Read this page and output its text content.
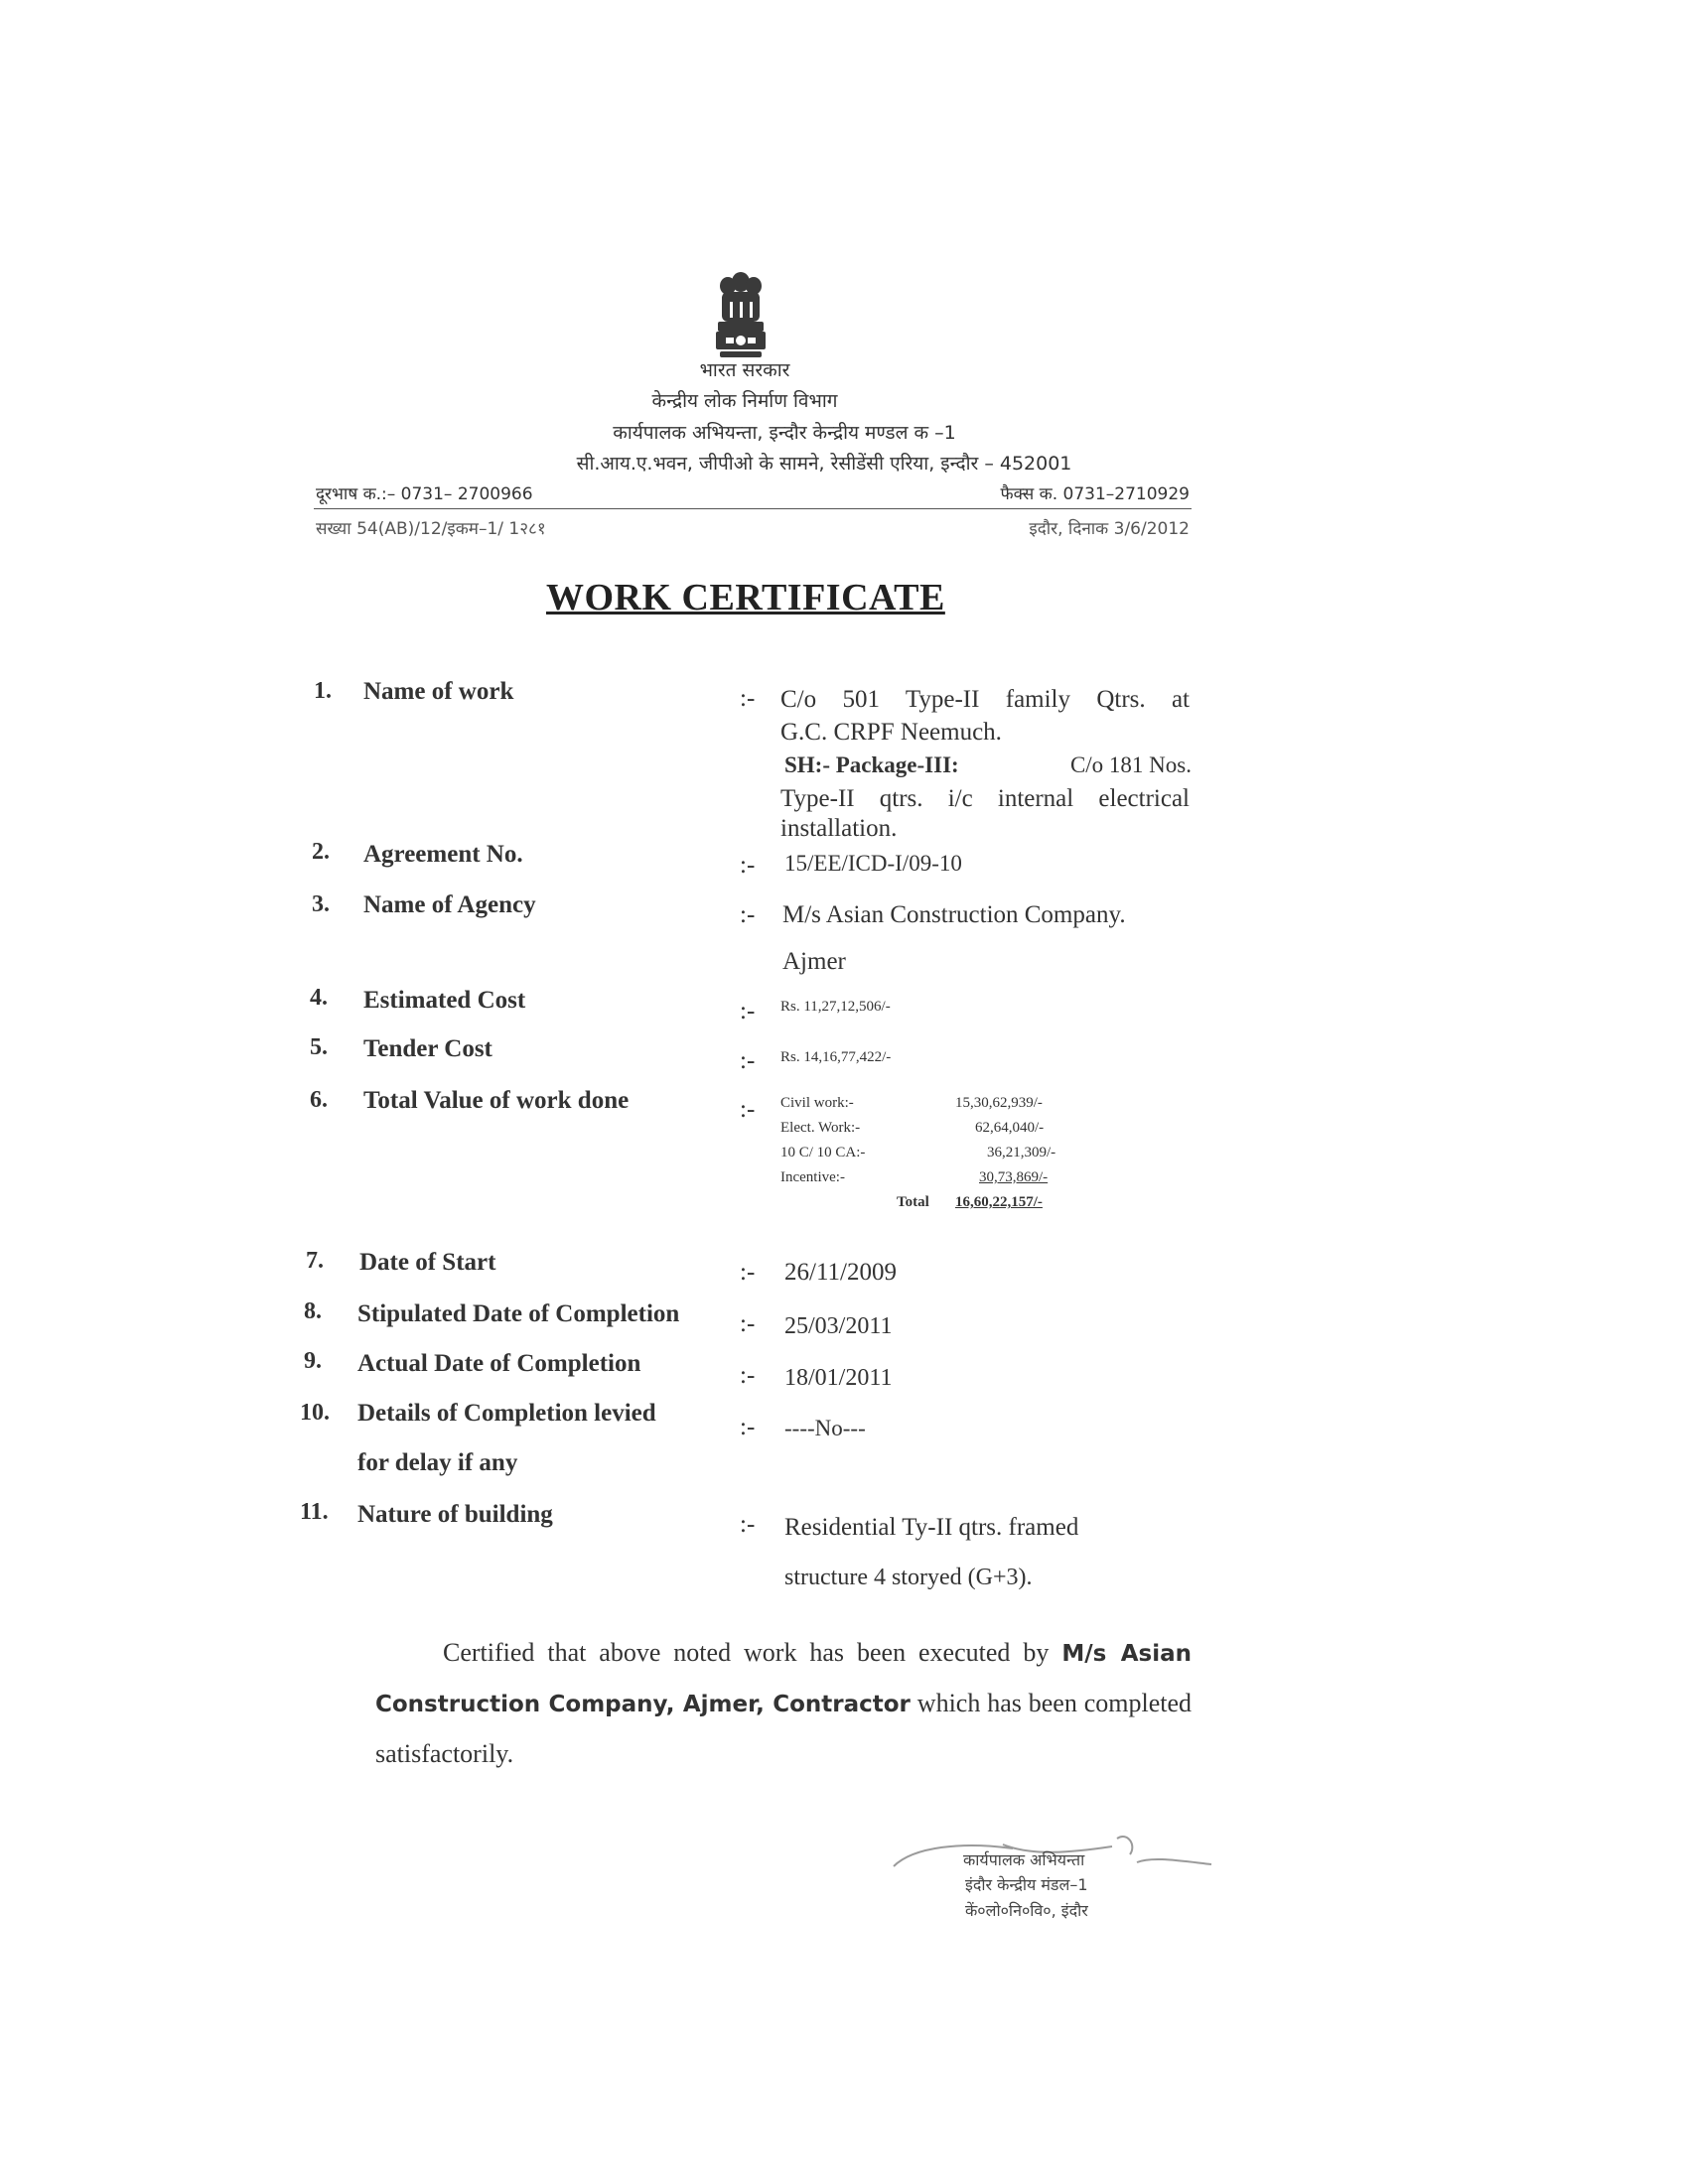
भारत सरकार
केन्द्रीय लोक निर्माण विभाग
कार्यपालक अभियन्ता, इन्दौर केन्द्रीय मण्डल क –1
सी.आय.ए.भवन, जीपीओ के सामने, रेसीडेंसी एरिया, इन्दौर – 452001
दूरभाष क.:– 0731– 2700966	फैक्स क. 0731–2710929
सख्या 54(AB)/12/इकम–1/ 1२८१	इदौर, दिनाक 3/6/2012
WORK CERTIFICATE
1. Name of work	:- C/o 501 Type-II family Qtrs. at
G.C. CRPF Neemuch.
SH:- Package-III:	C/o 181 Nos.
Type-II qtrs. i/c internal electrical
installation.
2. Agreement No.	:- 15/EE/ICD-I/09-10
3. Name of Agency	:- M/s Asian Construction Company.
Ajmer
4. Estimated Cost	:- Rs. 11,27,12,506/-
5. Tender Cost	:- Rs. 14,16,77,422/-
6. Total Value of work done	:- Civil work:-	15,30,62,939/-
Elect. Work:-	62,64,040/-
10 C/ 10 CA:-	36,21,309/-
Incentive:-	30,73,869/-
Total 16,60,22,157/-
7. Date of Start	:- 26/11/2009
8. Stipulated Date of Completion :- 25/03/2011
9. Actual Date of Completion	:- 18/01/2011
10. Details of Completion levied
for delay if any
:- ----No---
11. Nature of building	:- Residential Ty-II qtrs. framed
structure 4 storyed (G+3).
Certified that above noted work has been executed by M/s Asian Construction Company, Ajmer, Contractor which has been completed satisfactorily.
कार्यपालक अभियन्ता
इंदौर केन्द्रीय मंडल–1
कें०लो०नि०वि०, इंदौर
